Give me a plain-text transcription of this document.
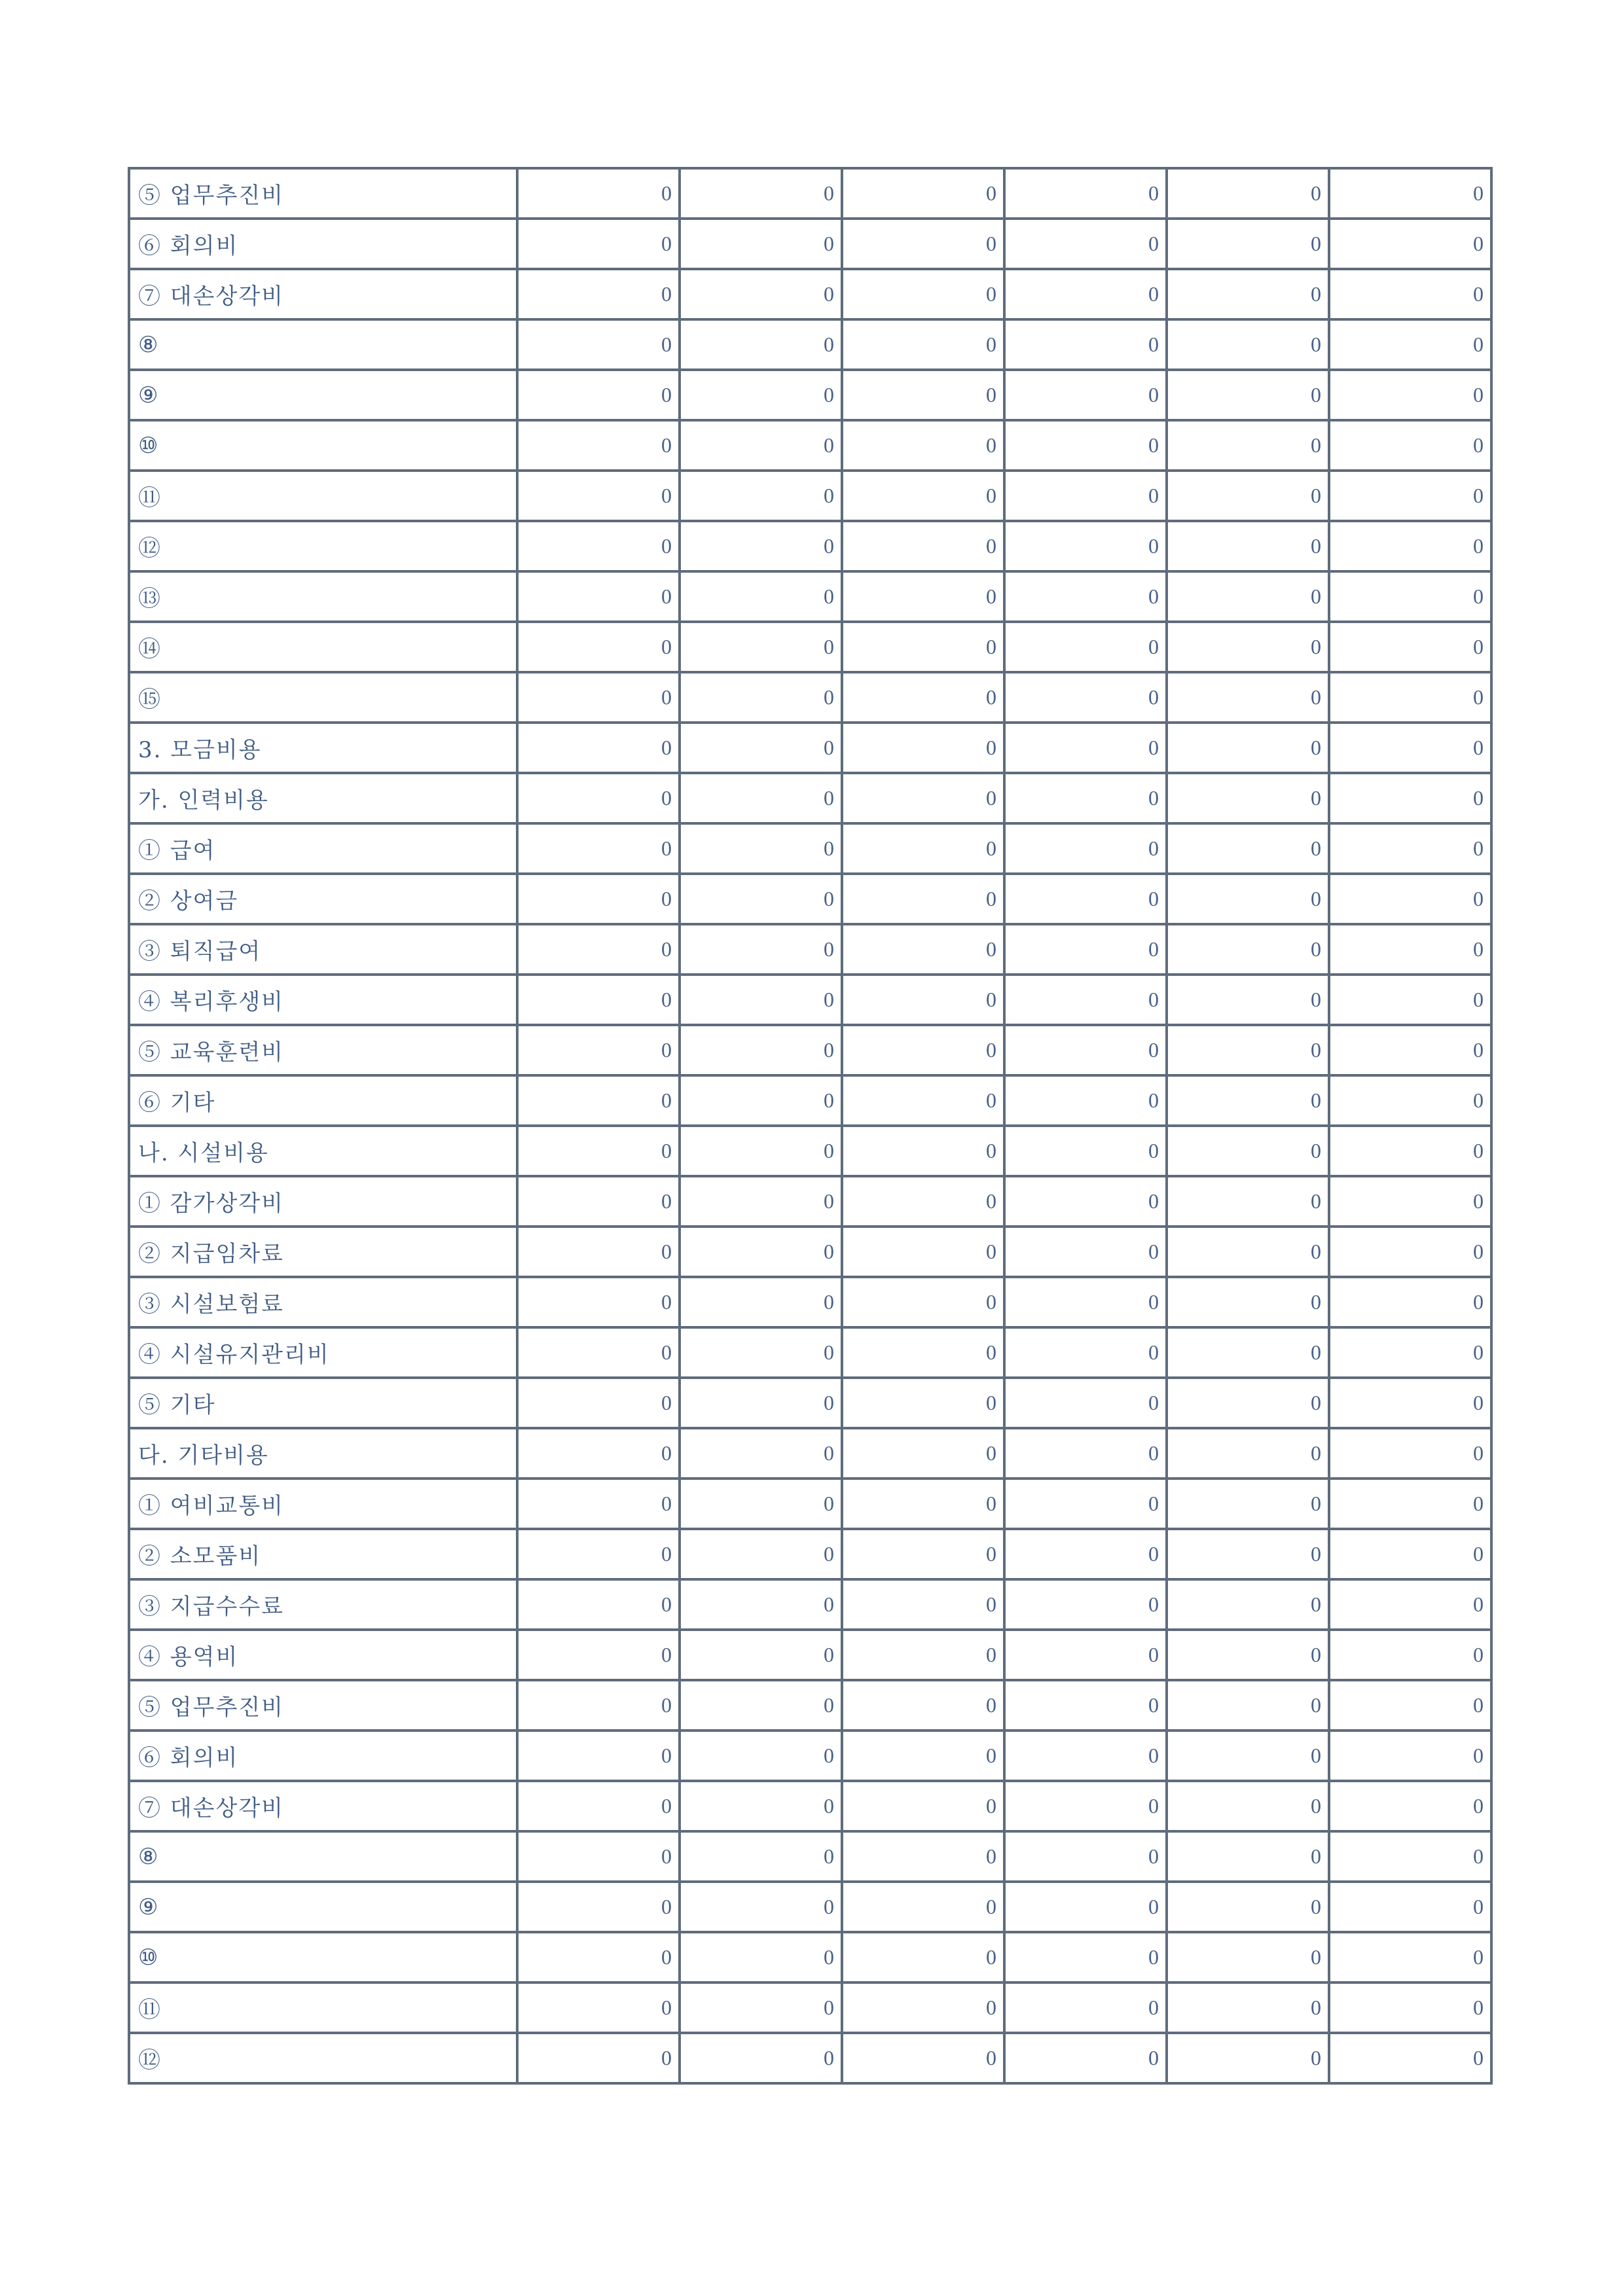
⑤ 업무추진비	0	0	0	0	0	0
⑥ 회의비	0	0	0	0	0	0
⑦ 대손상각비	0	0	0	0	0	0
⑧	0	0	0	0	0	0
⑨	0	0	0	0	0	0
⑩	0	0	0	0	0	0
⑪	0	0	0	0	0	0
⑫	0	0	0	0	0	0
⑬	0	0	0	0	0	0
⑭	0	0	0	0	0	0
⑮	0	0	0	0	0	0
3. 모금비용	0	0	0	0	0	0
가. 인력비용	0	0	0	0	0	0
① 급여	0	0	0	0	0	0
② 상여금	0	0	0	0	0	0
③ 퇴직급여	0	0	0	0	0	0
④ 복리후생비	0	0	0	0	0	0
⑤ 교육훈련비	0	0	0	0	0	0
⑥ 기타	0	0	0	0	0	0
나. 시설비용	0	0	0	0	0	0
① 감가상각비	0	0	0	0	0	0
② 지급임차료	0	0	0	0	0	0
③ 시설보험료	0	0	0	0	0	0
④ 시설유지관리비	0	0	0	0	0	0
⑤ 기타	0	0	0	0	0	0
다. 기타비용	0	0	0	0	0	0
① 여비교통비	0	0	0	0	0	0
② 소모품비	0	0	0	0	0	0
③ 지급수수료	0	0	0	0	0	0
④ 용역비	0	0	0	0	0	0
⑤ 업무추진비	0	0	0	0	0	0
⑥ 회의비	0	0	0	0	0	0
⑦ 대손상각비	0	0	0	0	0	0
⑧	0	0	0	0	0	0
⑨	0	0	0	0	0	0
⑩	0	0	0	0	0	0
⑪	0	0	0	0	0	0
⑫	0	0	0	0	0	0
